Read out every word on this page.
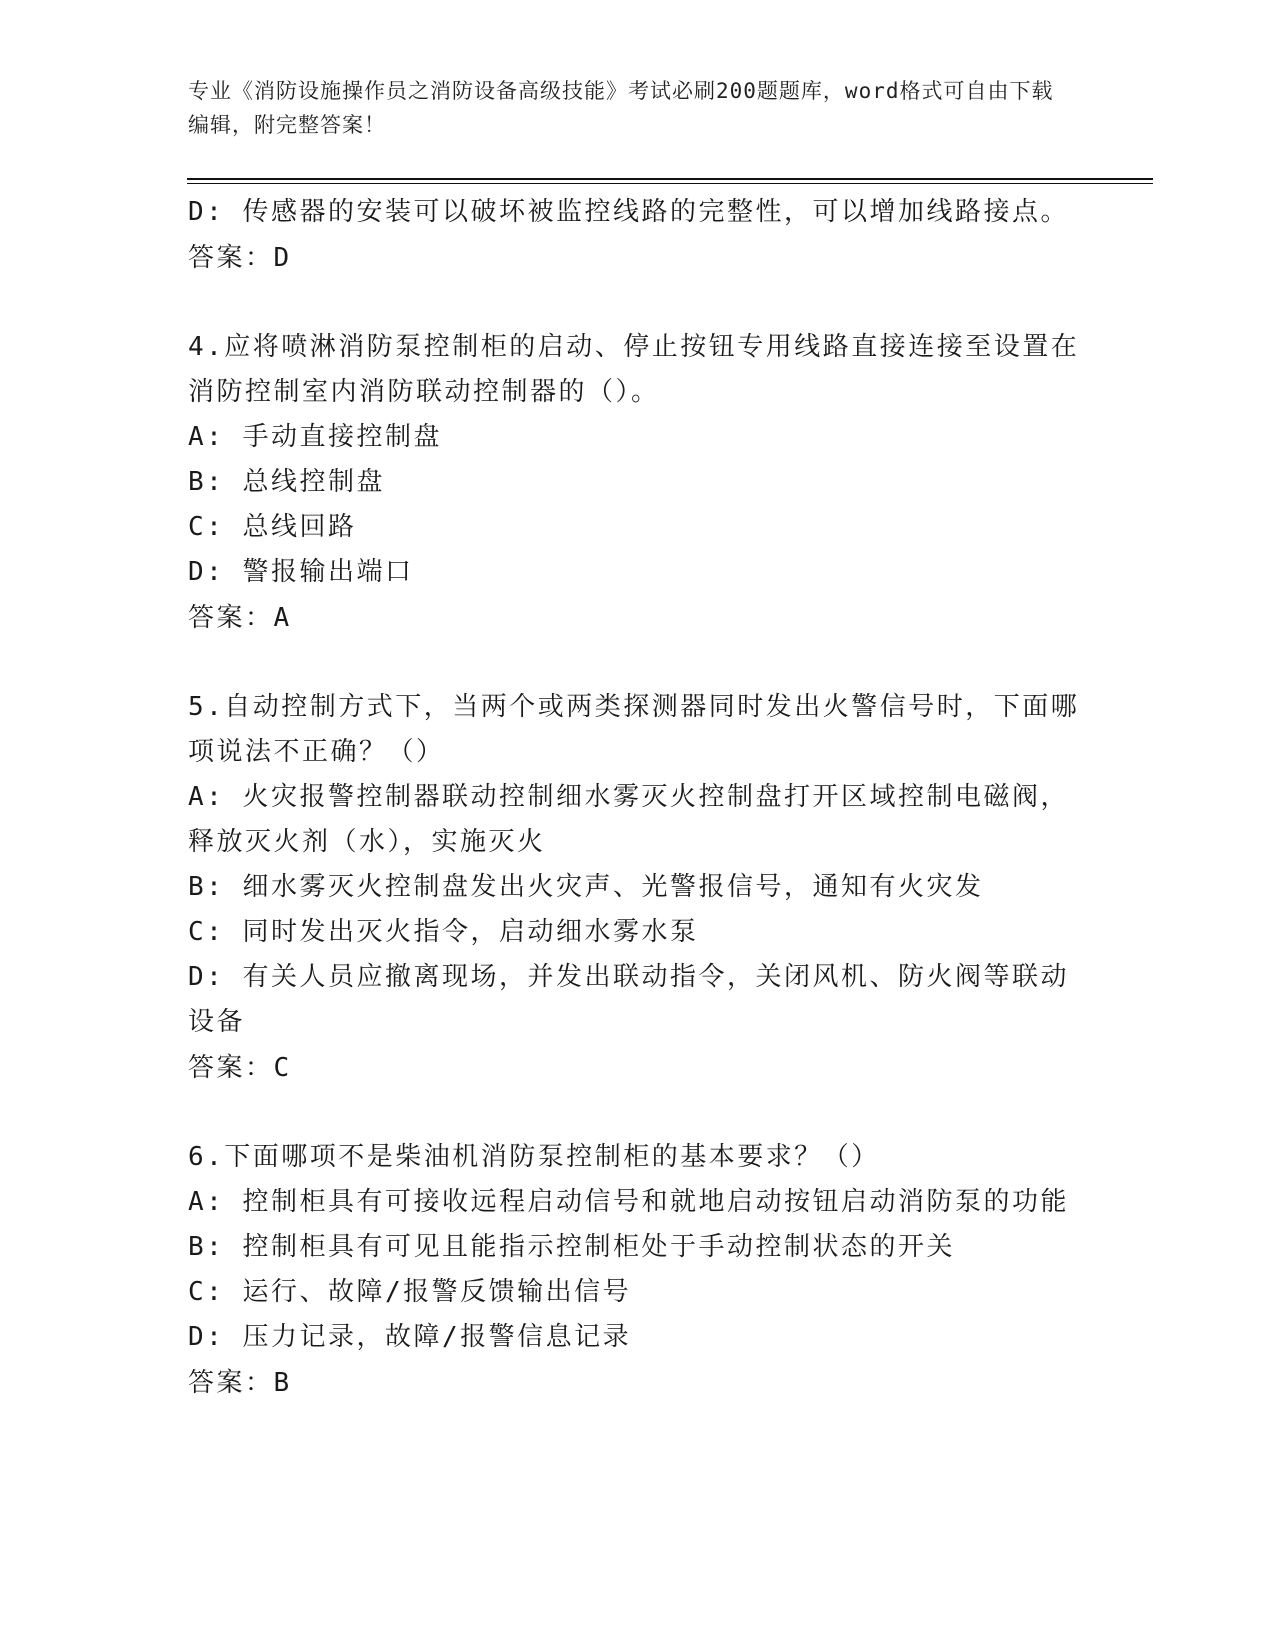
专业《消防设施操作员之消防设备高级技能》考试必刷200题题库，word格式可自由下载编辑，附完整答案！
D: 传感器的安装可以破坏被监控线路的完整性，可以增加线路接点。
答案：D
4.应将喷淋消防泵控制柜的启动、停止按钮专用线路直接连接至设置在消防控制室内消防联动控制器的（）。
A: 手动直接控制盘
B: 总线控制盘
C: 总线回路
D: 警报输出端口
答案：A
5.自动控制方式下，当两个或两类探测器同时发出火警信号时，下面哪项说法不正确？（）
A: 火灾报警控制器联动控制细水雾灭火控制盘打开区域控制电磁阀，释放灭火剂（水），实施灭火
B: 细水雾灭火控制盘发出火灾声、光警报信号，通知有火灾发
C: 同时发出灭火指令，启动细水雾水泵
D: 有关人员应撤离现场，并发出联动指令，关闭风机、防火阀等联动设备
答案：C
6.下面哪项不是柴油机消防泵控制柜的基本要求？（）
A: 控制柜具有可接收远程启动信号和就地启动按钮启动消防泵的功能
B: 控制柜具有可见且能指示控制柜处于手动控制状态的开关
C: 运行、故障/报警反馈输出信号
D: 压力记录，故障/报警信息记录
答案：B
